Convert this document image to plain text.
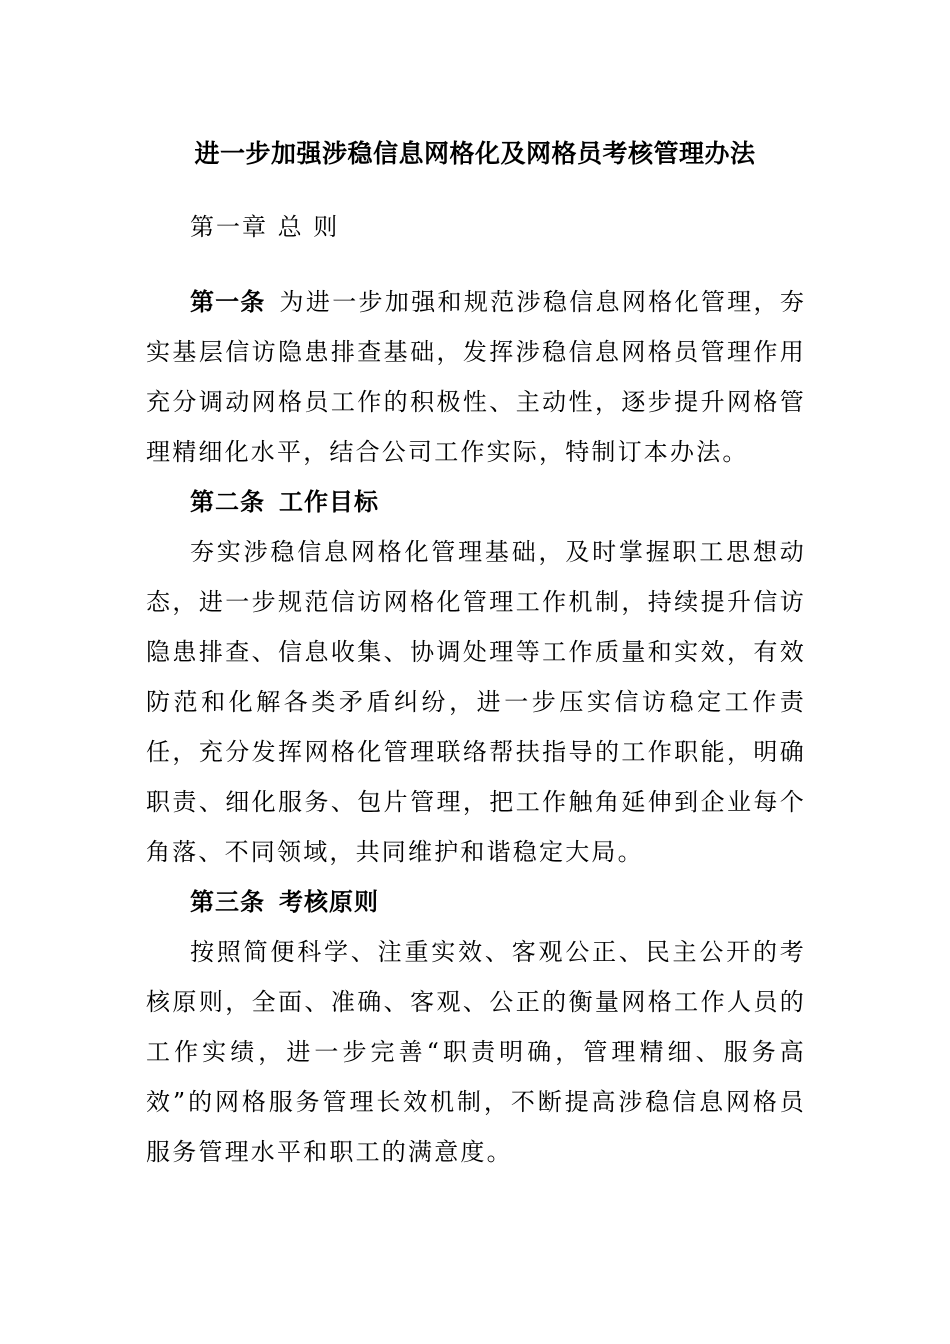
进一步加强涉稳信息网格化及网格员考核管理办法
第一章 总 则

第一条 为进一步加强和规范涉稳信息网格化管理，夯实基层信访隐患排查基础，发挥涉稳信息网格员管理作用充分调动网格员工作的积极性、主动性，逐步提升网格管理精细化水平，结合公司工作实际，特制订本办法。

第二条 工作目标

夯实涉稳信息网格化管理基础，及时掌握职工思想动态，进一步规范信访网格化管理工作机制，持续提升信访隐患排查、信息收集、协调处理等工作质量和实效，有效防范和化解各类矛盾纠纷，进一步压实信访稳定工作责任，充分发挥网格化管理联络帮扶指导的工作职能，明确职责、细化服务、包片管理，把工作触角延伸到企业每个角落、不同领域，共同维护和谐稳定大局。

第三条 考核原则

按照简便科学、注重实效、客观公正、民主公开的考核原则，全面、准确、客观、公正的衡量网格工作人员的工作实绩，进一步完善“职责明确，管理精细、服务高效”的网格服务管理长效机制，不断提高涉稳信息网格员服务管理水平和职工的满意度。
